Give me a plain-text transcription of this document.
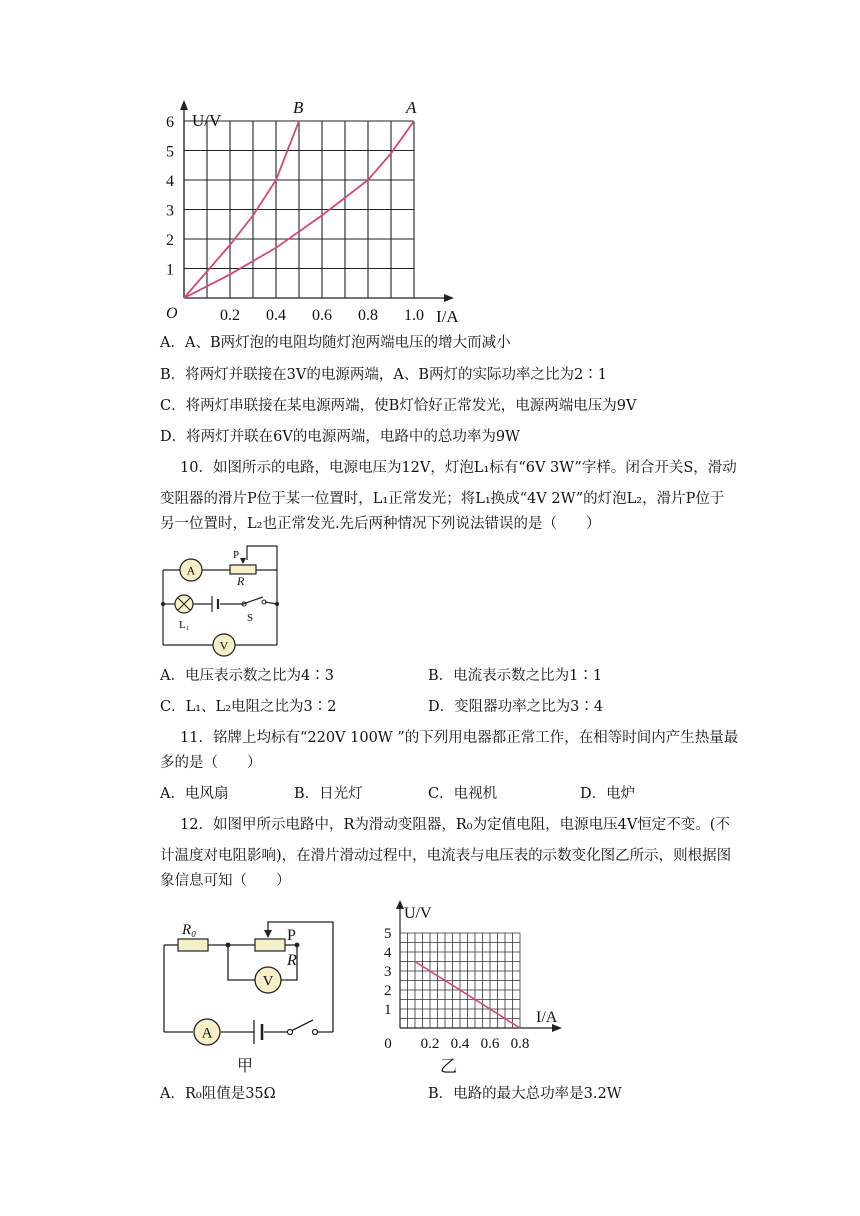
U/V
I/A
O
1
2
3
4
5
6
0.2 0.4 0.6 0.8 1.0
B	A
A．A、B两灯泡的电阻均随灯泡两端电压的增大而减小
B．将两灯并联接在3V的电源两端，A、B两灯的实际功率之比为2∶1
C．将两灯串联接在某电源两端，使B灯恰好正常发光，电源两端电压为9V
D．将两灯并联在6V的电源两端，电路中的总功率为9W
10．如图所示的电路，电源电压为12V，灯泡L₁标有“6V 3W”字样。闭合开关S，滑动
变阻器的滑片P位于某一位置时，L₁正常发光；将L₁换成“4V 2W”的灯泡L₂，滑片P位于
另一位置时，L₂也正常发光.先后两种情况下列说法错误的是（　　）
A
P
R
L₁
S
V
A．电压表示数之比为4∶3	B．电流表示数之比为1∶1
C．L₁、L₂电阻之比为3∶2	D．变阻器功率之比为3∶4
11．铭牌上均标有“220V 100W ”的下列用电器都正常工作，在相等时间内产生热量最
多的是（　　）
A．电风扇	B．日光灯	C．电视机	D．电炉
12．如图甲所示电路中，R为滑动变阻器，R₀为定值电阻，电源电压4V恒定不变。(不
计温度对电阻影响)，在滑片滑动过程中，电流表与电压表的示数变化图乙所示，则根据图
象信息可知（　　）
R₀	P
R
V
A
甲
U/V
I/A
1
2
3
4
5
0 0.2 0.4 0.6 0.8
乙
A．R₀阻值是35Ω	B．电路的最大总功率是3.2W
